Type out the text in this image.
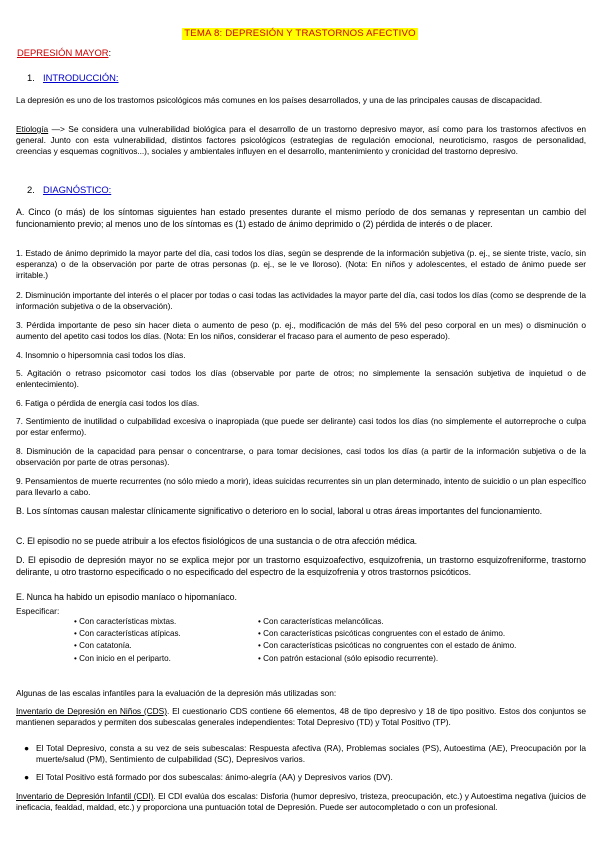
TEMA 8: DEPRESIÓN Y TRASTORNOS AFECTIVO
DEPRESIÓN MAYOR:
1. INTRODUCCIÓN:

La depresión es uno de los trastornos psicológicos más comunes en los países desarrollados, y una de las principales causas de discapacidad.

Etiología —> Se considera una vulnerabilidad biológica para el desarrollo de un trastorno depresivo mayor, así como para los trastornos afectivos en general. Junto con esta vulnerabilidad, distintos factores psicológicos (estrategias de regulación emocional, neuroticismo, rasgos de personalidad, creencias y esquemas cognitivos...), sociales y ambientales influyen en el desarrollo, mantenimiento y cronicidad del trastorno depresivo.

2. DIAGNÓSTICO:

A. Cinco (o más) de los síntomas siguientes han estado presentes durante el mismo período de dos semanas y representan un cambio del funcionamiento previo; al menos uno de los síntomas es (1) estado de ánimo deprimido o (2) pérdida de interés o de placer.

1. Estado de ánimo deprimido la mayor parte del día, casi todos los días, según se desprende de la información subjetiva (p. ej., se siente triste, vacío, sin esperanza) o de la observación por parte de otras personas (p. ej., se le ve lloroso). (Nota: En niños y adolescentes, el estado de ánimo puede ser irritable.)

2. Disminución importante del interés o el placer por todas o casi todas las actividades la mayor parte del día, casi todos los días (como se desprende de la información subjetiva o de la observación).

3. Pérdida importante de peso sin hacer dieta o aumento de peso (p. ej., modificación de más del 5% del peso corporal en un mes) o disminución o aumento del apetito casi todos los días. (Nota: En los niños, considerar el fracaso para el aumento de peso esperado).

4. Insomnio o hipersomnia casi todos los días.

5. Agitación o retraso psicomotor casi todos los días (observable por parte de otros; no simplemente la sensación subjetiva de inquietud o de enlentecimiento).

6. Fatiga o pérdida de energía casi todos los días.

7. Sentimiento de inutilidad o culpabilidad excesiva o inapropiada (que puede ser delirante) casi todos los días (no simplemente el autorreproche o culpa por estar enfermo).

8. Disminución de la capacidad para pensar o concentrarse, o para tomar decisiones, casi todos los días (a partir de la información subjetiva o de la observación por parte de otras personas).

9. Pensamientos de muerte recurrentes (no sólo miedo a morir), ideas suicidas recurrentes sin un plan determinado, intento de suicidio o un plan específico para llevarlo a cabo.

B. Los síntomas causan malestar clínicamente significativo o deterioro en lo social, laboral u otras áreas importantes del funcionamiento.

C. El episodio no se puede atribuir a los efectos fisiológicos de una sustancia o de otra afección médica.

D. El episodio de depresión mayor no se explica mejor por un trastorno esquizoafectivo, esquizofrenia, un trastorno esquizofreniforme, trastorno delirante, u otro trastorno especificado o no especificado del espectro de la esquizofrenia y otros trastornos psicóticos.

E. Nunca ha habido un episodio maníaco o hipomaníaco.

Especificar:
• Con características mixtas.
• Con características atípicas.
• Con catatonía.
• Con inicio en el periparto.
• Con características melancólicas.
• Con características psicóticas congruentes con el estado de ánimo.
• Con características psicóticas no congruentes con el estado de ánimo.
• Con patrón estacional (sólo episodio recurrente).

Algunas de las escalas infantiles para la evaluación de la depresión más utilizadas son:

Inventario de Depresión en Niños (CDS). El cuestionario CDS contiene 66 elementos, 48 de tipo depresivo y 18 de tipo positivo. Estos dos conjuntos se mantienen separados y permiten dos subescalas generales independientes: Total Depresivo (TD) y Total Positivo (TP).

● El Total Depresivo, consta a su vez de seis subescalas: Respuesta afectiva (RA), Problemas sociales (PS), Autoestima (AE), Preocupación por la muerte/salud (PM), Sentimiento de culpabilidad (SC), Depresivos varios.
● El Total Positivo está formado por dos subescalas: ánimo-alegría (AA) y Depresivos varios (DV).

Inventario de Depresión Infantil (CDI). El CDI evalúa dos escalas: Disforia (humor depresivo, tristeza, preocupación, etc.) y Autoestima negativa (juicios de ineficacia, fealdad, maldad, etc.) y proporciona una puntuación total de Depresión. Puede ser autocompletado o con un profesional.
